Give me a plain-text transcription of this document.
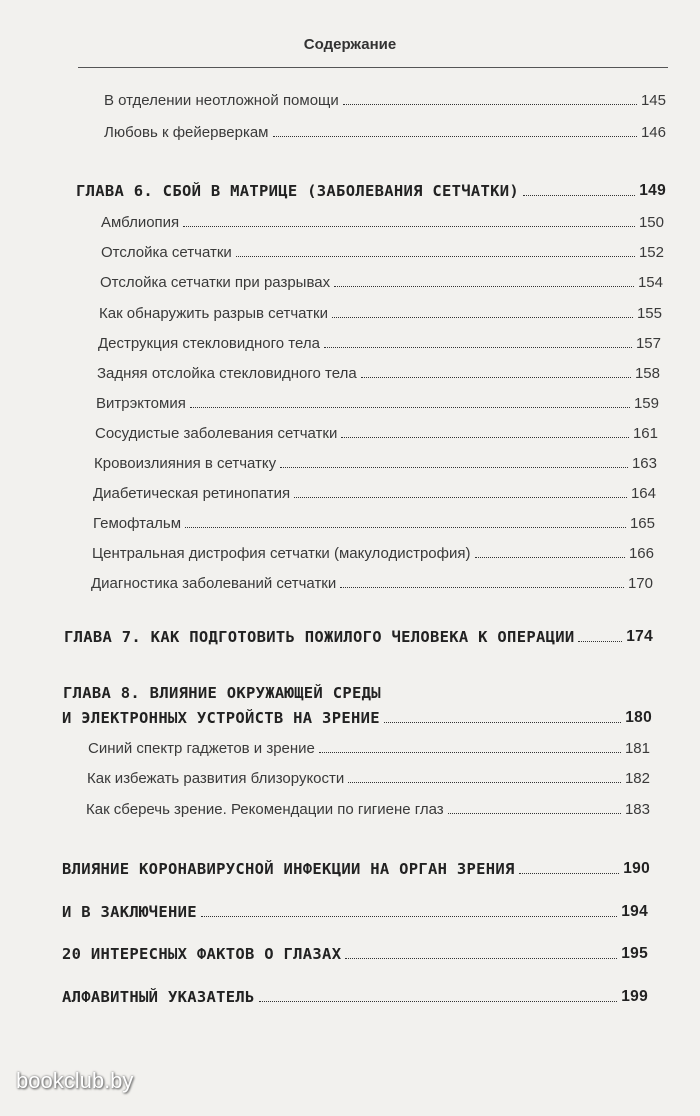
Содержание
В отделении неотложной помощи	145
Любовь к фейерверкам	146
ГЛАВА 6. СБОЙ В МАТРИЦЕ (ЗАБОЛЕВАНИЯ СЕТЧАТКИ)	149
Амблиопия	150
Отслойка сетчатки	152
Отслойка сетчатки при разрывах	154
Как обнаружить разрыв сетчатки	155
Деструкция стекловидного тела	157
Задняя отслойка стекловидного тела	158
Витрэктомия	159
Сосудистые заболевания сетчатки	161
Кровоизлияния в сетчатку	163
Диабетическая ретинопатия	164
Гемофтальм	165
Центральная дистрофия сетчатки (макулодистрофия)	166
Диагностика заболеваний сетчатки	170
ГЛАВА 7. КАК ПОДГОТОВИТЬ ПОЖИЛОГО ЧЕЛОВЕКА К ОПЕРАЦИИ	174
ГЛАВА 8. ВЛИЯНИЕ ОКРУЖАЮЩЕЙ СРЕДЫ
И ЭЛЕКТРОННЫХ УСТРОЙСТВ НА ЗРЕНИЕ	180
Синий спектр гаджетов и зрение	181
Как избежать развития близорукости	182
Как сберечь зрение. Рекомендации по гигиене глаз	183
ВЛИЯНИЕ КОРОНАВИРУСНОЙ ИНФЕКЦИИ НА ОРГАН ЗРЕНИЯ	190
И В ЗАКЛЮЧЕНИЕ	194
20 ИНТЕРЕСНЫХ ФАКТОВ О ГЛАЗАХ	195
АЛФАВИТНЫЙ УКАЗАТЕЛЬ	199
bookclub.by
